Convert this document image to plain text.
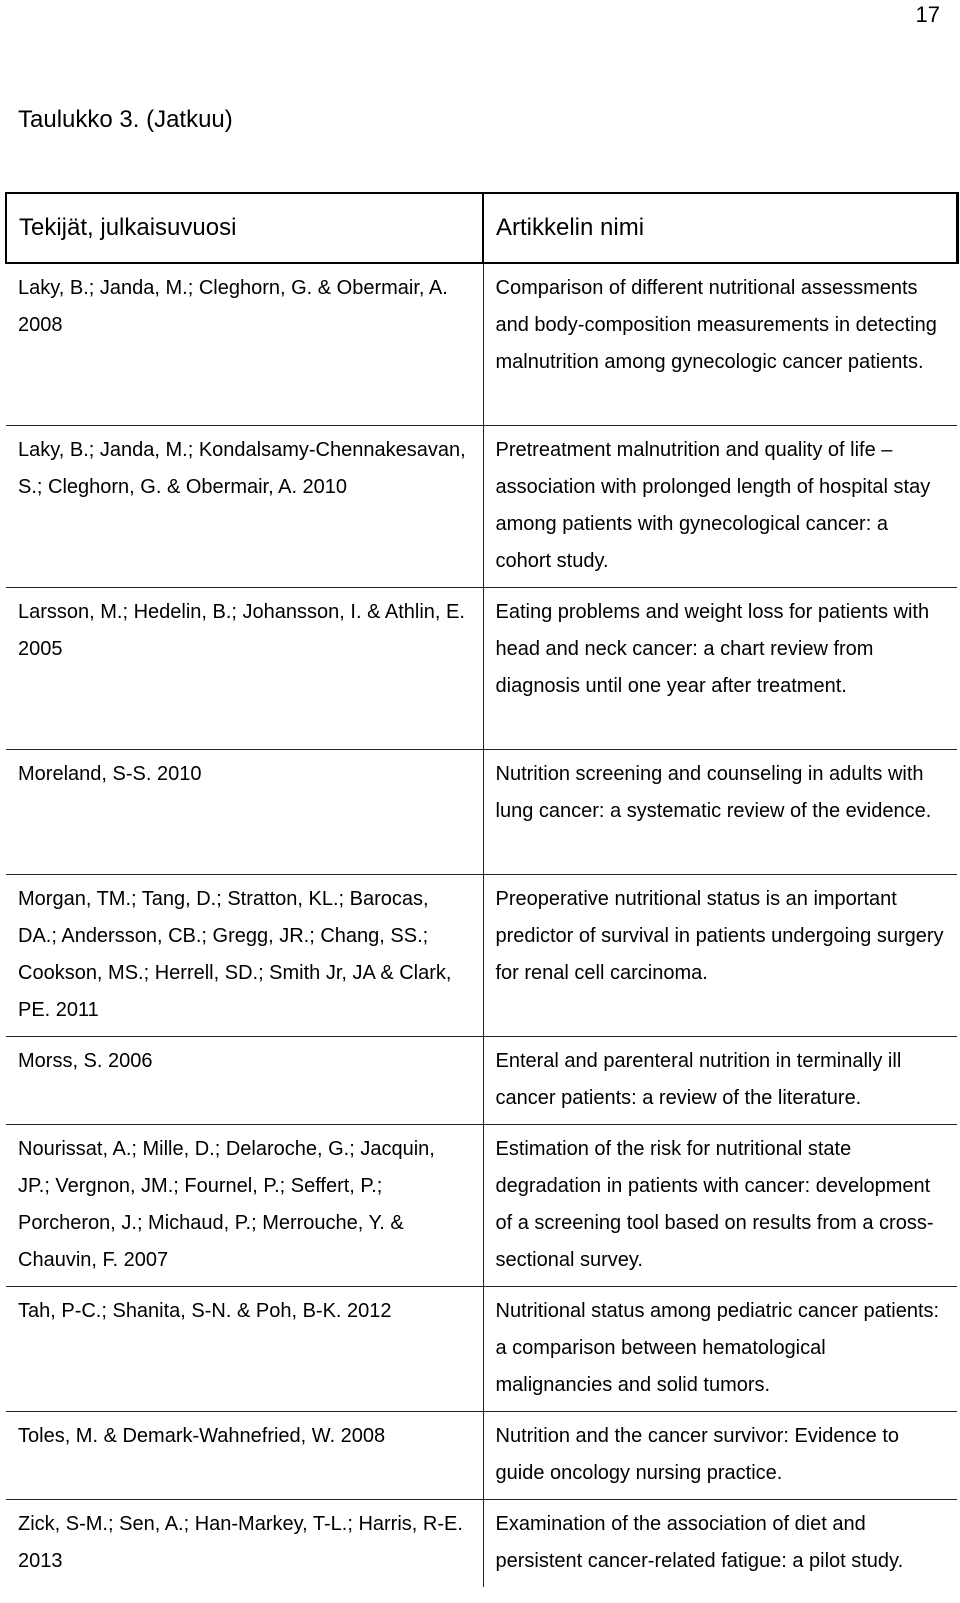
17
Taulukko 3. (Jatkuu)
Tekijät, julkaisuvuosi	Artikkelin nimi
Laky, B.; Janda, M.; Cleghorn, G. & Obermair, A. 2008	Comparison of different nutritional assessments and body-composition measurements in detecting malnutrition among gynecologic cancer patients.
Laky, B.; Janda, M.; Kondalsamy-Chennakesavan, S.; Cleghorn, G. & Obermair, A. 2010	Pretreatment malnutrition and quality of life – association with prolonged length of hospital stay among patients with gynecological cancer: a cohort study.
Larsson, M.; Hedelin, B.; Johansson, I. & Athlin, E. 2005	Eating problems and weight loss for patients with head and neck cancer: a chart review from diagnosis until one year after treatment.
Moreland, S-S. 2010	Nutrition screening and counseling in adults with lung cancer: a systematic review of the evidence.
Morgan, TM.; Tang, D.; Stratton, KL.; Barocas, DA.; Andersson, CB.; Gregg, JR.; Chang, SS.; Cookson, MS.; Herrell, SD.; Smith Jr, JA & Clark, PE. 2011	Preoperative nutritional status is an important predictor of survival in patients undergoing surgery for renal cell carcinoma.
Morss, S. 2006	Enteral and parenteral nutrition in terminally ill cancer patients: a review of the literature.
Nourissat, A.; Mille, D.; Delaroche, G.; Jacquin, JP.; Vergnon, JM.; Fournel, P.; Seffert, P.; Porcheron, J.; Michaud, P.; Merrouche, Y. & Chauvin, F. 2007	Estimation of the risk for nutritional state degradation in patients with cancer: development of a screening tool based on results from a cross-sectional survey.
Tah, P-C.; Shanita, S-N. & Poh, B-K. 2012	Nutritional status among pediatric cancer patients: a comparison between hematological malignancies and solid tumors.
Toles, M. & Demark-Wahnefried, W. 2008	Nutrition and the cancer survivor: Evidence to guide oncology nursing practice.
Zick, S-M.; Sen, A.; Han-Markey, T-L.; Harris, R-E. 2013	Examination of the association of diet and persistent cancer-related fatigue: a pilot study.
